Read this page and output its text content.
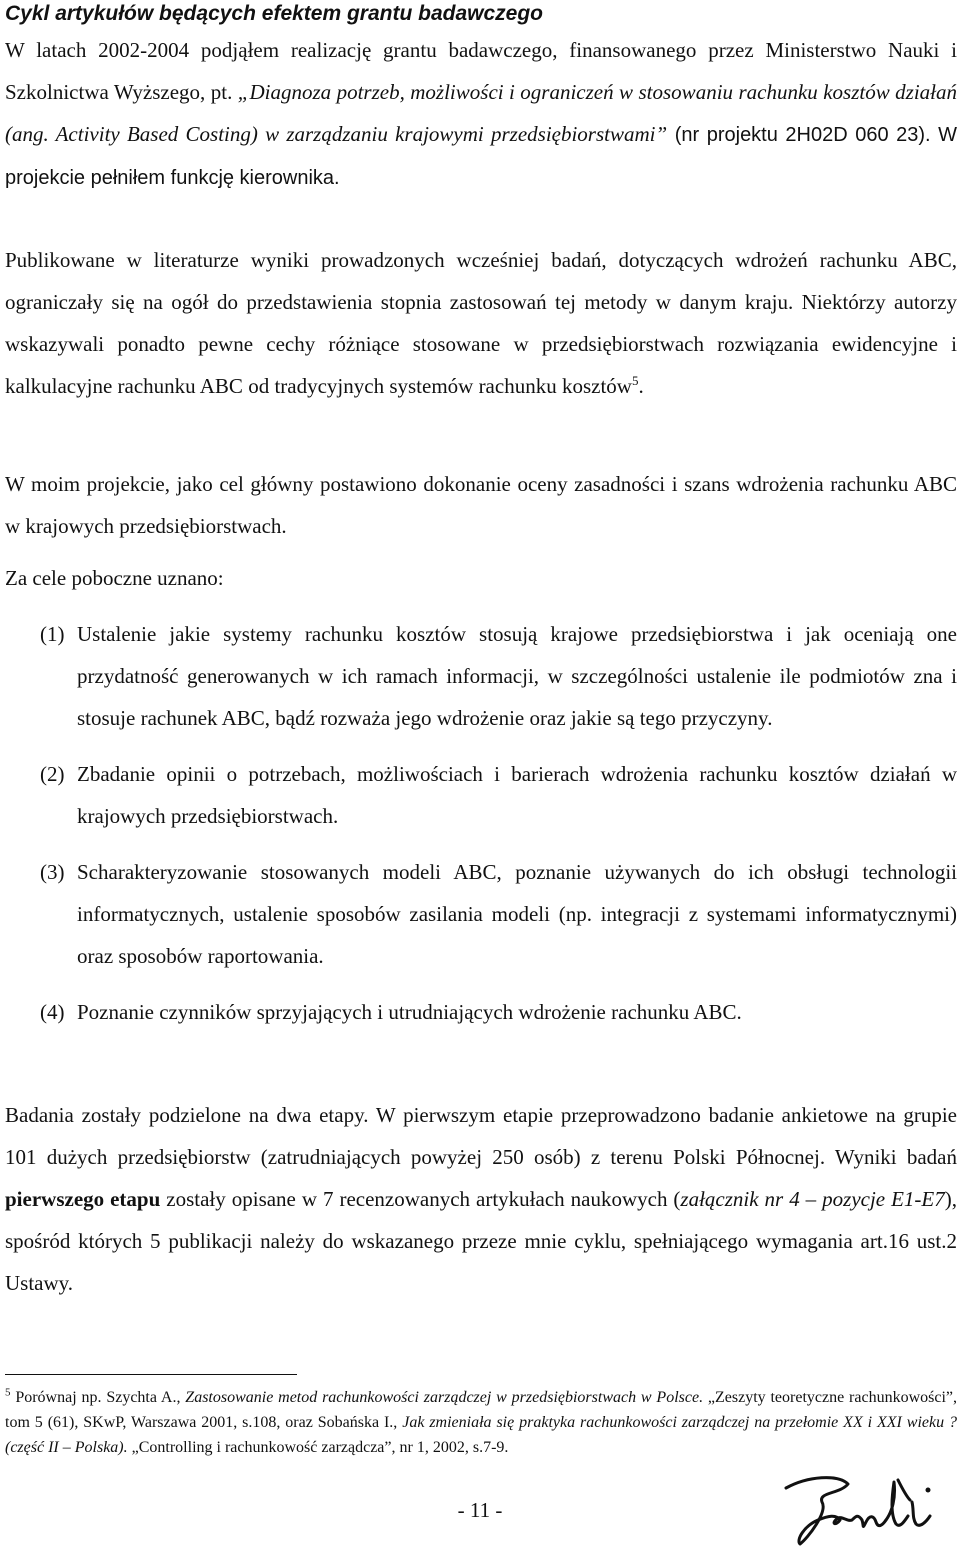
Cykl artykułów będących efektem grantu badawczego

W latach 2002-2004 podjąłem realizację grantu badawczego, finansowanego przez Ministerstwo Nauki i Szkolnictwa Wyższego, pt. „Diagnoza potrzeb, możliwości i ograniczeń w stosowaniu rachunku kosztów działań (ang. Activity Based Costing) w zarządzaniu krajowymi przedsiębiorstwami” (nr projektu 2H02D 060 23). W projekcie pełniłem funkcję kierownika.

Publikowane w literaturze wyniki prowadzonych wcześniej badań, dotyczących wdrożeń rachunku ABC, ograniczały się na ogół do przedstawienia stopnia zastosowań tej metody w danym kraju. Niektórzy autorzy wskazywali ponadto pewne cechy różniące stosowane w przedsiębiorstwach rozwiązania ewidencyjne i kalkulacyjne rachunku ABC od tradycyjnych systemów rachunku kosztów$^5$.

W moim projekcie, jako cel główny postawiono dokonanie oceny zasadności i szans wdrożenia rachunku ABC w krajowych przedsiębiorstwach.

Za cele poboczne uznano:

(1) Ustalenie jakie systemy rachunku kosztów stosują krajowe przedsiębiorstwa i jak oceniają one przydatność generowanych w ich ramach informacji, w szczególności ustalenie ile podmiotów zna i stosuje rachunek ABC, bądź rozważa jego wdrożenie oraz jakie są tego przyczyny.

(2) Zbadanie opinii o potrzebach, możliwościach i barierach wdrożenia rachunku kosztów działań w krajowych przedsiębiorstwach.

(3) Scharakteryzowanie stosowanych modeli ABC, poznanie używanych do ich obsługi technologii informatycznych, ustalenie sposobów zasilania modeli (np. integracji z systemami informatycznymi) oraz sposobów raportowania.

(4) Poznanie czynników sprzyjających i utrudniających wdrożenie rachunku ABC.

Badania zostały podzielone na dwa etapy. W pierwszym etapie przeprowadzono badanie ankietowe na grupie 101 dużych przedsiębiorstw (zatrudniających powyżej 250 osób) z terenu Polski Północnej. Wyniki badań pierwszego etapu zostały opisane w 7 recenzowanych artykułach naukowych (załącznik nr 4 – pozycje E1-E7), spośród których 5 publikacji należy do wskazanego przeze mnie cyklu, spełniającego wymagania art.16 ust.2 Ustawy.

$^5$ Porównaj np. Szychta A., Zastosowanie metod rachunkowości zarządczej w przedsiębiorstwach w Polsce. „Zeszyty teoretyczne rachunkowości”, tom 5 (61), SKwP, Warszawa 2001, s.108, oraz Sobańska I., Jak zmieniała się praktyka rachunkowości zarządczej na przełomie XX i XXI wieku ? (część II – Polska). „Controlling i rachunkowość zarządcza”, nr 1, 2002, s.7-9.

- 11 -
